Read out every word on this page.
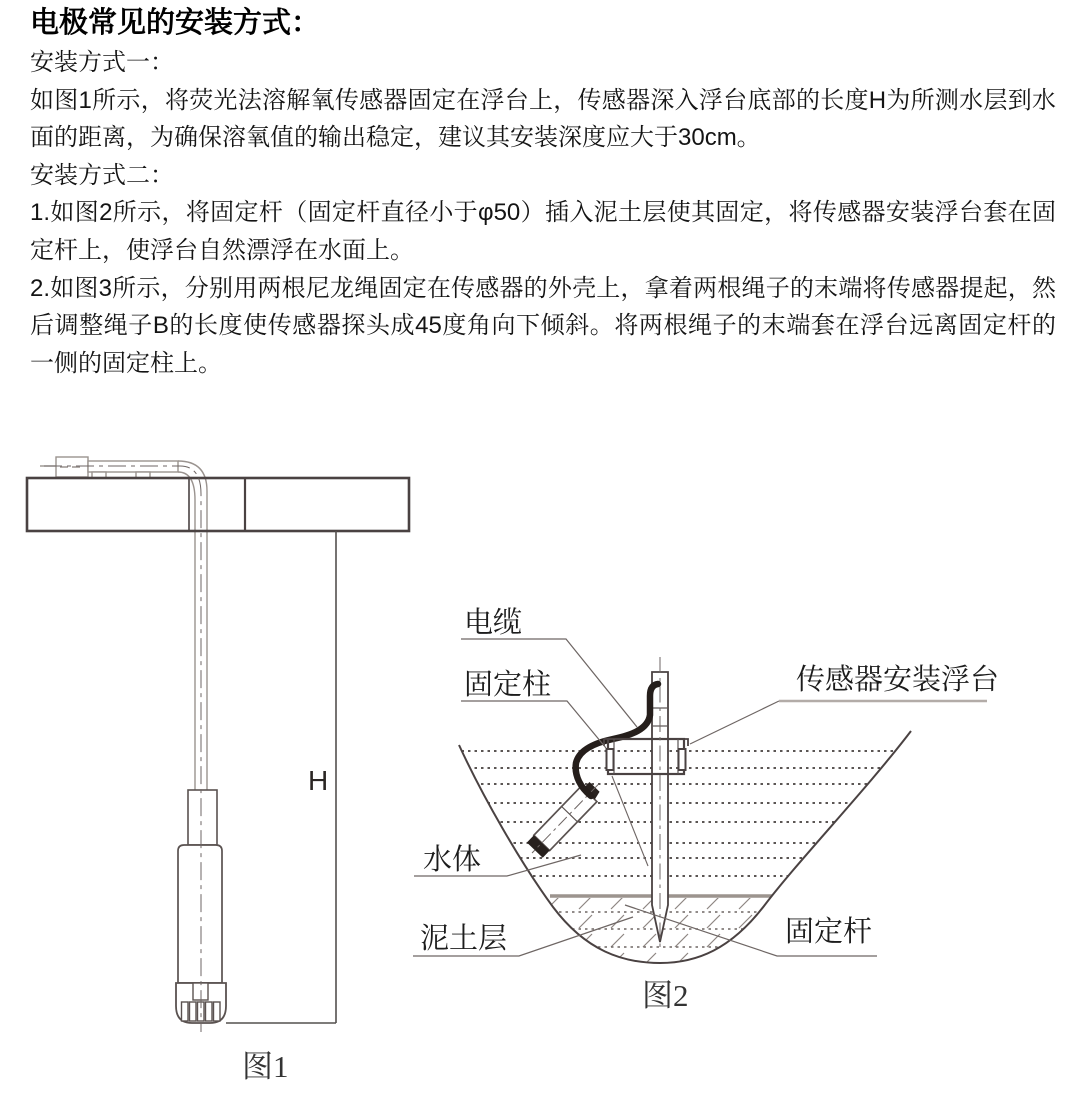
电极常见的安装方式：

安装方式一：

如图1所示，将荧光法溶解氧传感器固定在浮台上，传感器深入浮台底部的长度H为所测水层到水面的距离，为确保溶氧值的输出稳定，建议其安装深度应大于30cm。

安装方式二：

1.如图2所示，将固定杆（固定杆直径小于φ50）插入泥土层使其固定，将传感器安装浮台套在固定杆上，使浮台自然漂浮在水面上。

2.如图3所示，分别用两根尼龙绳固定在传感器的外壳上，拿着两根绳子的末端将传感器提起，然后调整绳子B的长度使传感器探头成45度角向下倾斜。将两根绳子的末端套在浮台远离固定杆的一侧的固定柱上。

H
图1
电缆
固定柱	传感器安装浮台
水体
泥土层	固定杆
图2
